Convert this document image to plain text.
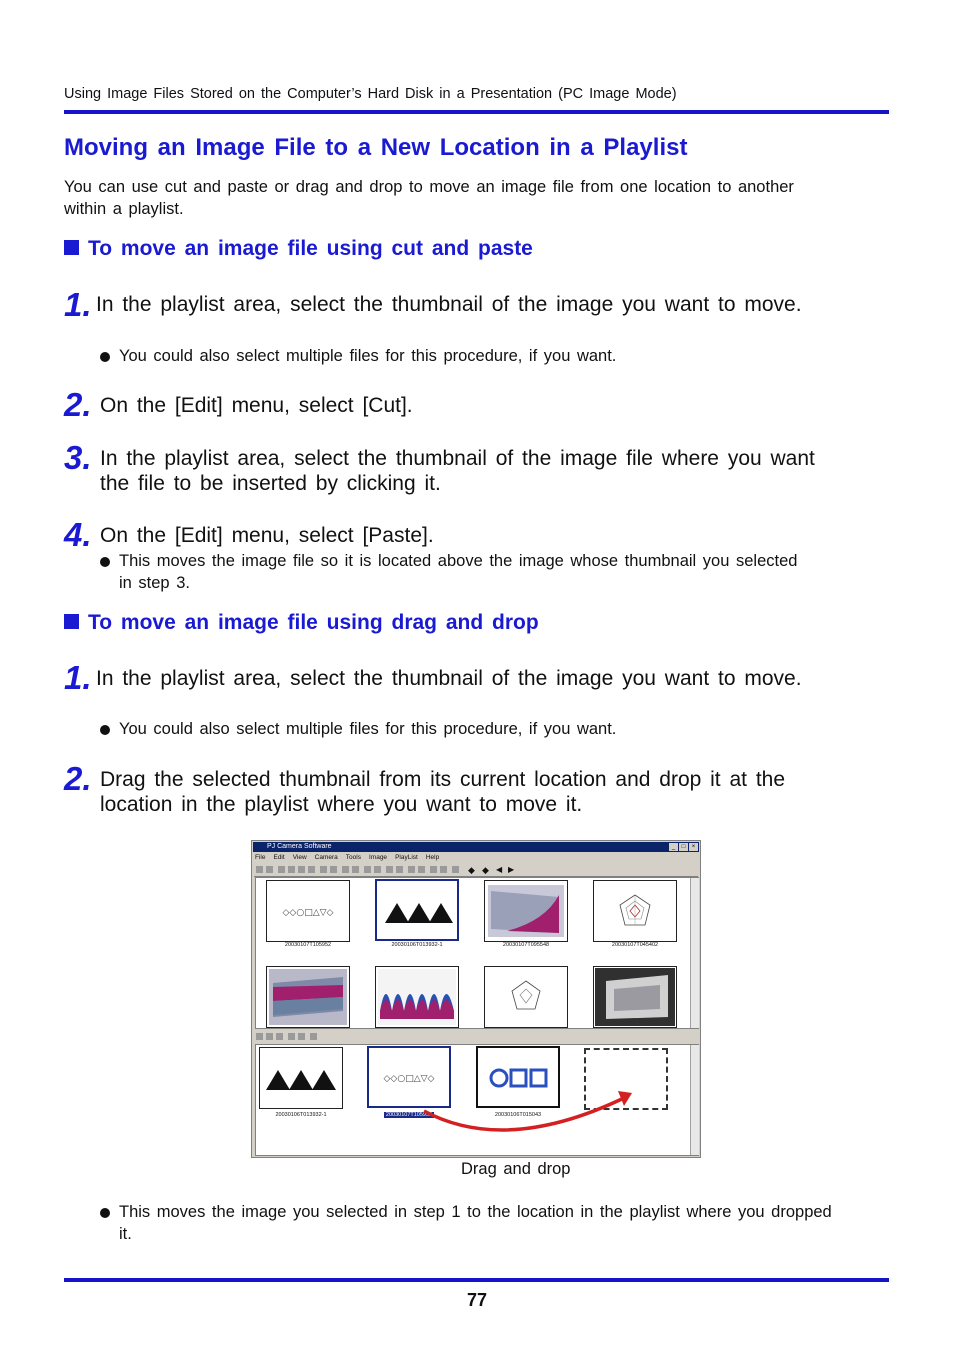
Using Image Files Stored on the Computer’s Hard Disk in a Presentation (PC Image Mode)
Moving an Image File to a New Location in a Playlist
You can use cut and paste or drag and drop to move an image file from one location to another within a playlist.
To move an image file using cut and paste
1. In the playlist area, select the thumbnail of the image you want to move.
You could also select multiple files for this procedure, if you want.
2. On the [Edit] menu, select [Cut].
3. In the playlist area, select the thumbnail of the image file where you want the file to be inserted by clicking it.
4. On the [Edit] menu, select [Paste].
This moves the image file so it is located above the image whose thumbnail you selected in step 3.
To move an image file using drag and drop
1. In the playlist area, select the thumbnail of the image you want to move.
You could also select multiple files for this procedure, if you want.
2. Drag the selected thumbnail from its current location and drop it at the location in the playlist where you want to move it.
PJ Camera Software	_	□	×
File Edit View Camera Tools Image PlayList Help
◆ ◆ ◀ ▶
◇◇○□△▽◇
20030107T105952	20030106T013932-1	20030107T095548	20030107T045402
20030106T013932-1
◇◇○□△▽◇
20030107T105952	20030106T015043
Drag and drop
This moves the image you selected in step 1 to the location in the playlist where you dropped it.
77
